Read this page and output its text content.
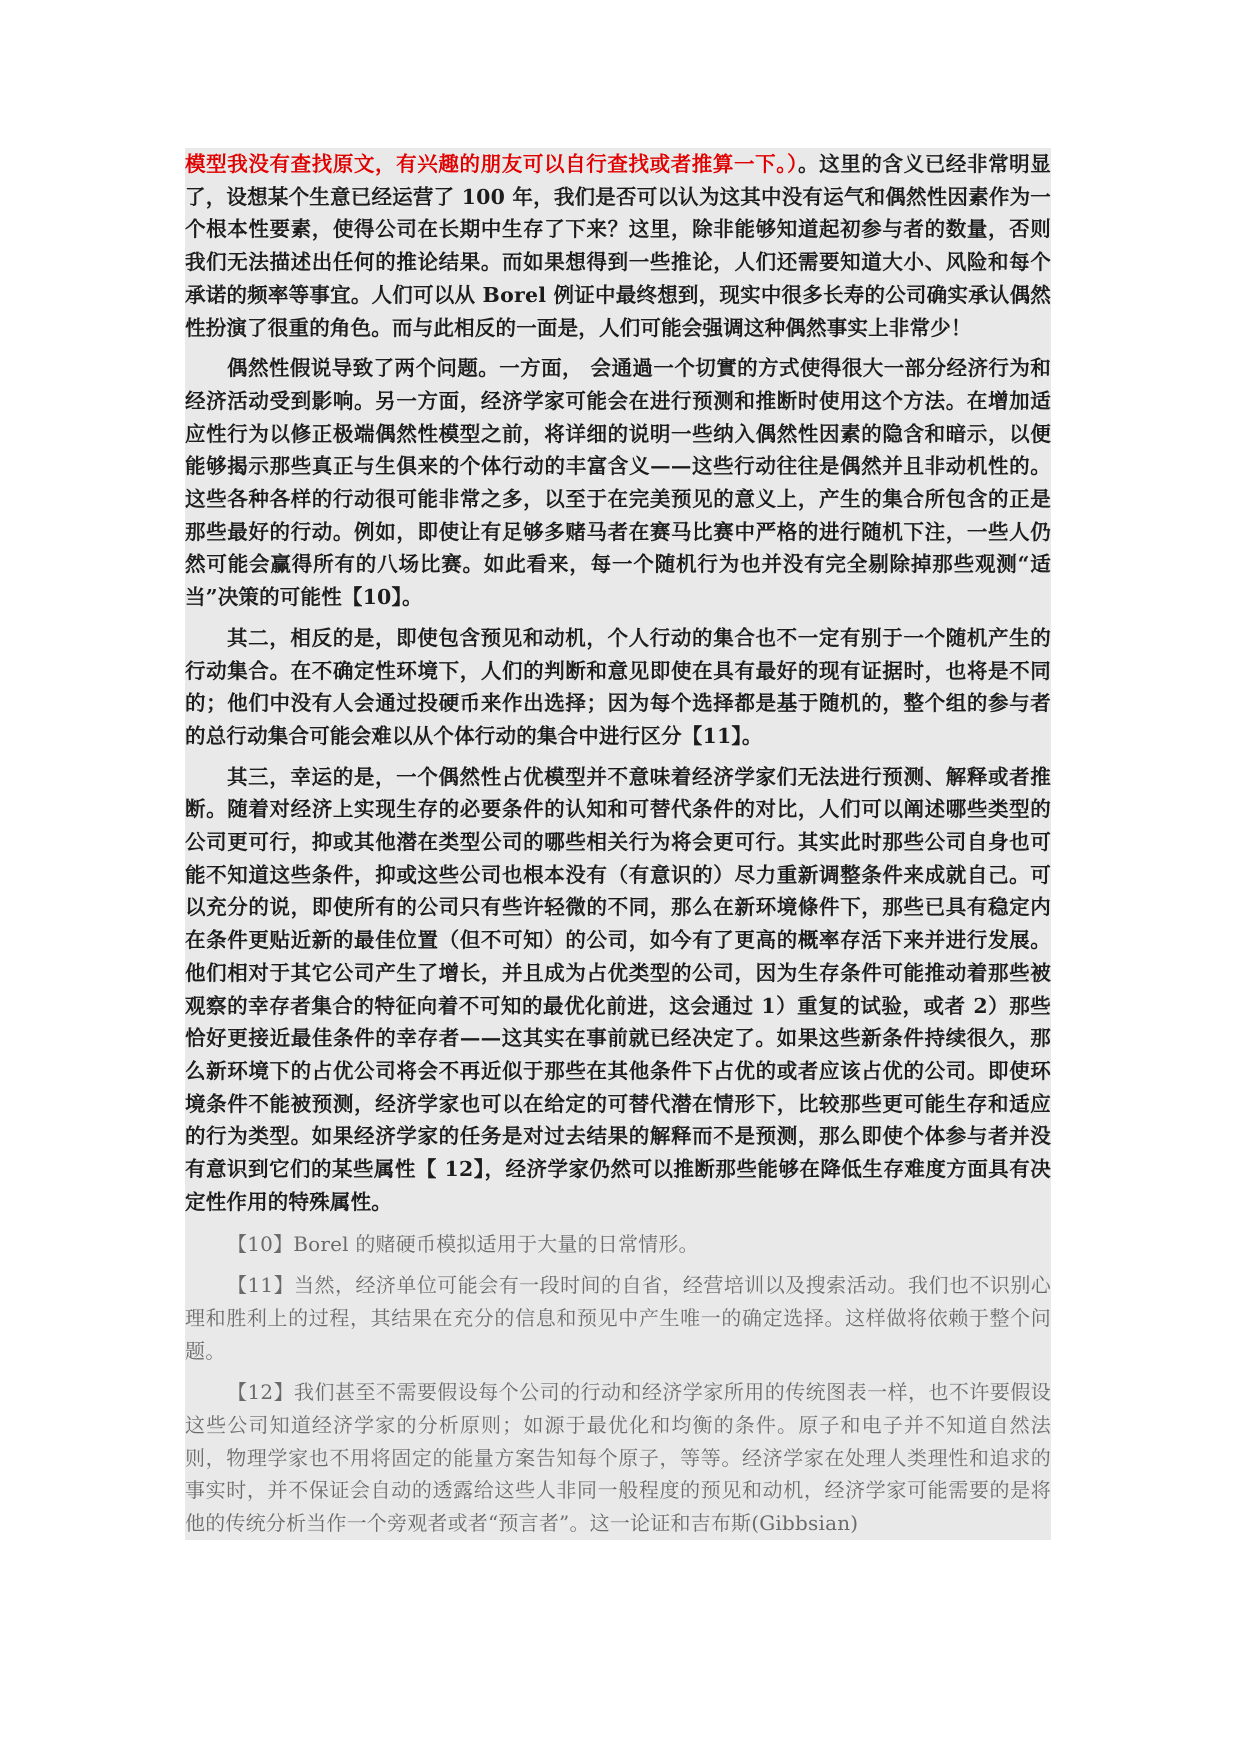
模型我没有查找原文，有兴趣的朋友可以自行查找或者推算一下。）。这里的含义已经非常明显了，设想某个生意已经运营了 100 年，我们是否可以认为这其中没有运气和偶然性因素作为一个根本性要素，使得公司在长期中生存了下来？这里，除非能够知道起初参与者的数量，否则我们无法描述出任何的推论结果。而如果想得到一些推论，人们还需要知道大小、风险和每个承诺的频率等事宜。人们可以从 Borel 例证中最终想到，现实中很多长寿的公司确实承认偶然性扮演了很重的角色。而与此相反的一面是，人们可能会强调这种偶然事实上非常少！

偶然性假说导致了两个问题。一方面， 会通過一个切實的方式使得很大一部分经济行为和经济活动受到影响。另一方面，经济学家可能会在进行预测和推断时使用这个方法。在增加适应性行为以修正极端偶然性模型之前，将详细的说明一些纳入偶然性因素的隐含和暗示，以便能够揭示那些真正与生俱来的个体行动的丰富含义——这些行动往往是偶然并且非动机性的。这些各种各样的行动很可能非常之多，以至于在完美预见的意义上，产生的集合所包含的正是那些最好的行动。例如，即使让有足够多赌马者在赛马比赛中严格的进行随机下注，一些人仍然可能会赢得所有的八场比赛。如此看来，每一个随机行为也并没有完全剔除掉那些观测“适当”决策的可能性【10】。

其二，相反的是，即使包含预见和动机，个人行动的集合也不一定有别于一个随机产生的行动集合。在不确定性环境下，人们的判断和意见即使在具有最好的现有证据时，也将是不同的；他们中没有人会通过投硬币来作出选择；因为每个选择都是基于随机的，整个组的参与者的总行动集合可能会难以从个体行动的集合中进行区分【11】。

其三，幸运的是，一个偶然性占优模型并不意味着经济学家们无法进行预测、解释或者推断。随着对经济上实现生存的必要条件的认知和可替代条件的对比，人们可以阐述哪些类型的公司更可行，抑或其他潜在类型公司的哪些相关行为将会更可行。其实此时那些公司自身也可能不知道这些条件，抑或这些公司也根本没有（有意识的）尽力重新调整条件来成就自己。可以充分的说，即使所有的公司只有些许轻微的不同，那么在新环境條件下，那些已具有稳定内在条件更贴近新的最佳位置（但不可知）的公司，如今有了更高的概率存活下来并进行发展。他们相对于其它公司产生了增长，并且成为占优类型的公司，因为生存条件可能推动着那些被观察的幸存者集合的特征向着不可知的最优化前进，这会通过 1）重复的试验，或者 2）那些恰好更接近最佳条件的幸存者——这其实在事前就已经决定了。如果这些新条件持续很久，那么新环境下的占优公司将会不再近似于那些在其他条件下占优的或者应该占优的公司。即使环境条件不能被预测，经济学家也可以在给定的可替代潜在情形下，比较那些更可能生存和适应的行为类型。如果经济学家的任务是对过去结果的解释而不是预测，那么即使个体参与者并没有意识到它们的某些属性【 12】，经济学家仍然可以推断那些能够在降低生存难度方面具有决定性作用的特殊属性。

【10】Borel 的赌硬币模拟适用于大量的日常情形。

【11】当然，经济单位可能会有一段时间的自省，经营培训以及搜索活动。我们也不识别心理和胜利上的过程，其结果在充分的信息和预见中产生唯一的确定选择。这样做将依赖于整个问题。

【12】我们甚至不需要假设每个公司的行动和经济学家所用的传统图表一样，也不许要假设这些公司知道经济学家的分析原则；如源于最优化和均衡的条件。原子和电子并不知道自然法则，物理学家也不用将固定的能量方案告知每个原子，等等。经济学家在处理人类理性和追求的事实时，并不保证会自动的透露给这些人非同一般程度的预见和动机，经济学家可能需要的是将他的传统分析当作一个旁观者或者“预言者”。这一论证和吉布斯(Gibbsian)
